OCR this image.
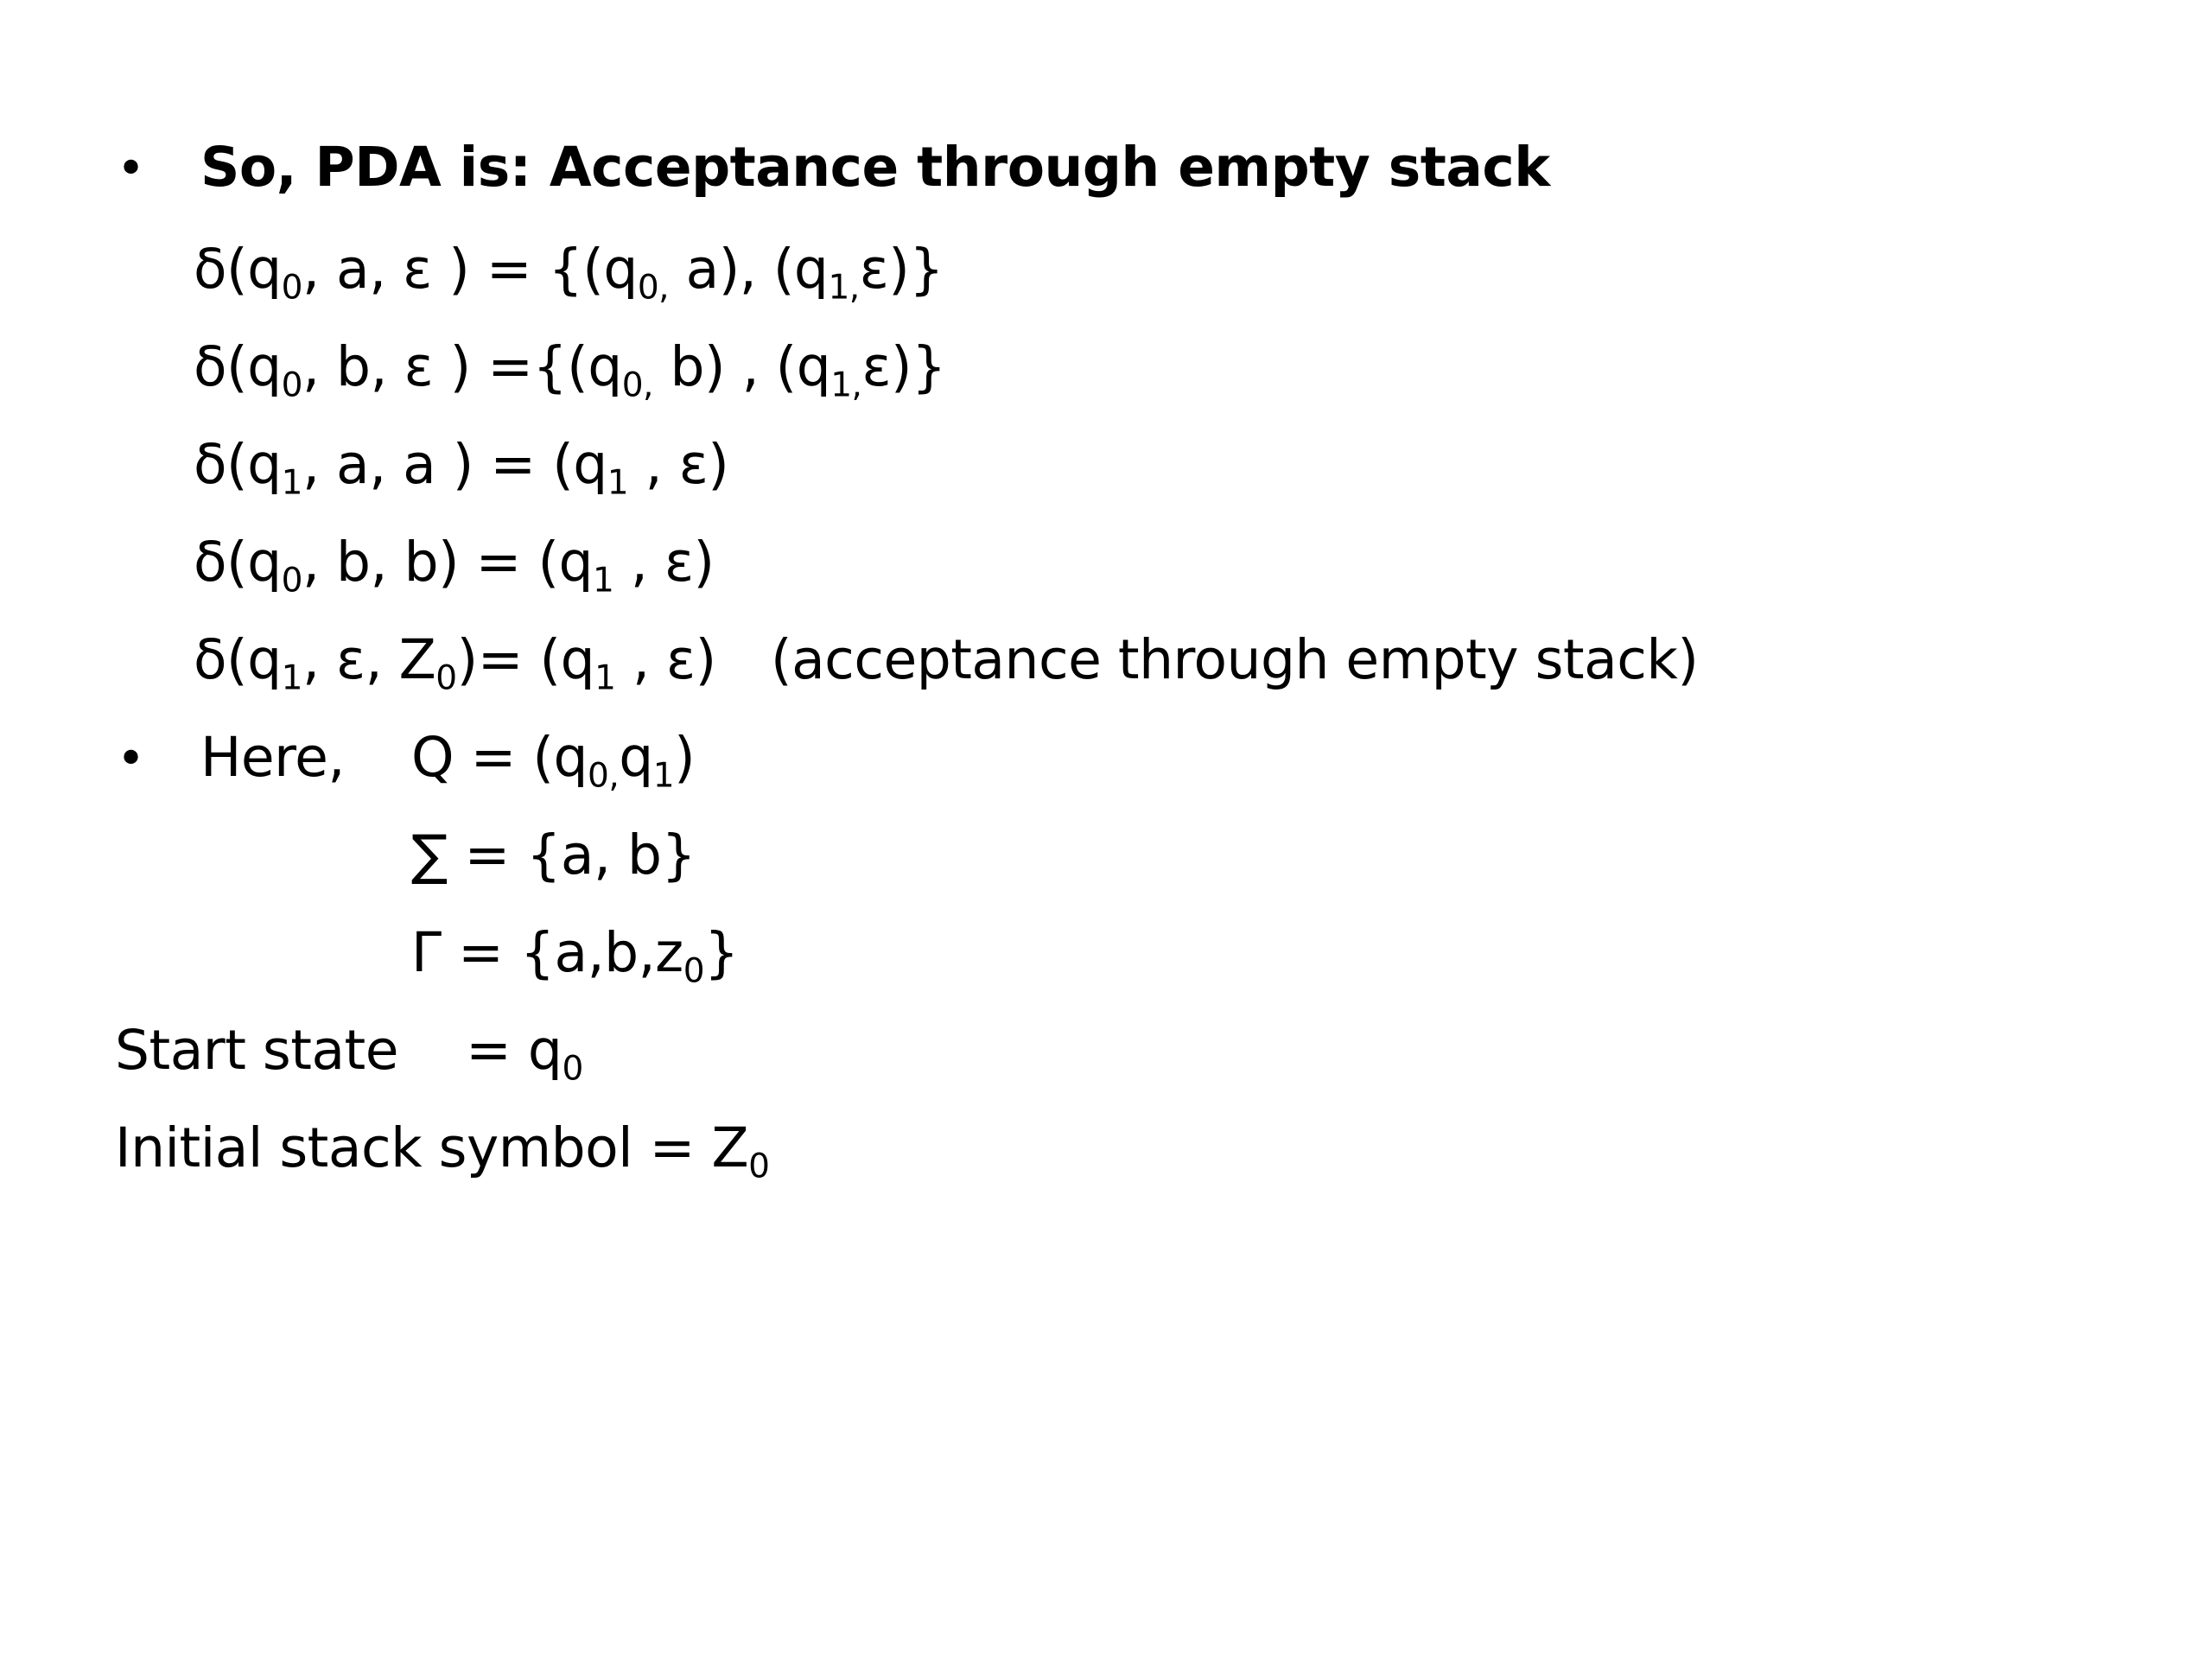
• So, PDA is: Acceptance through empty stack
$\delta(q_0$, a, ε ) = {($q_{0,}$ a), $(q_{1,}\varepsilon)$}
$\delta(q_0$, b, ε ) $=\{(q_{0,}$ b) , $(q_{1,}\varepsilon)$}
$\delta(q_1$, a, a ) = ($q_1$ , ε)
$\delta(q_0$, b, $b) = (q_1$ , ε)
$\delta(q_1$, ε, $Z_0)= (q_1$ , ε) (acceptance through empty stack)
• Here, $Q = (q_{0,}q_1)$
∑ = {a, b}
$\Gamma = \{a,b,z_0\}$
Start state    = $q_0$
Initial stack symbol = $Z_0$
